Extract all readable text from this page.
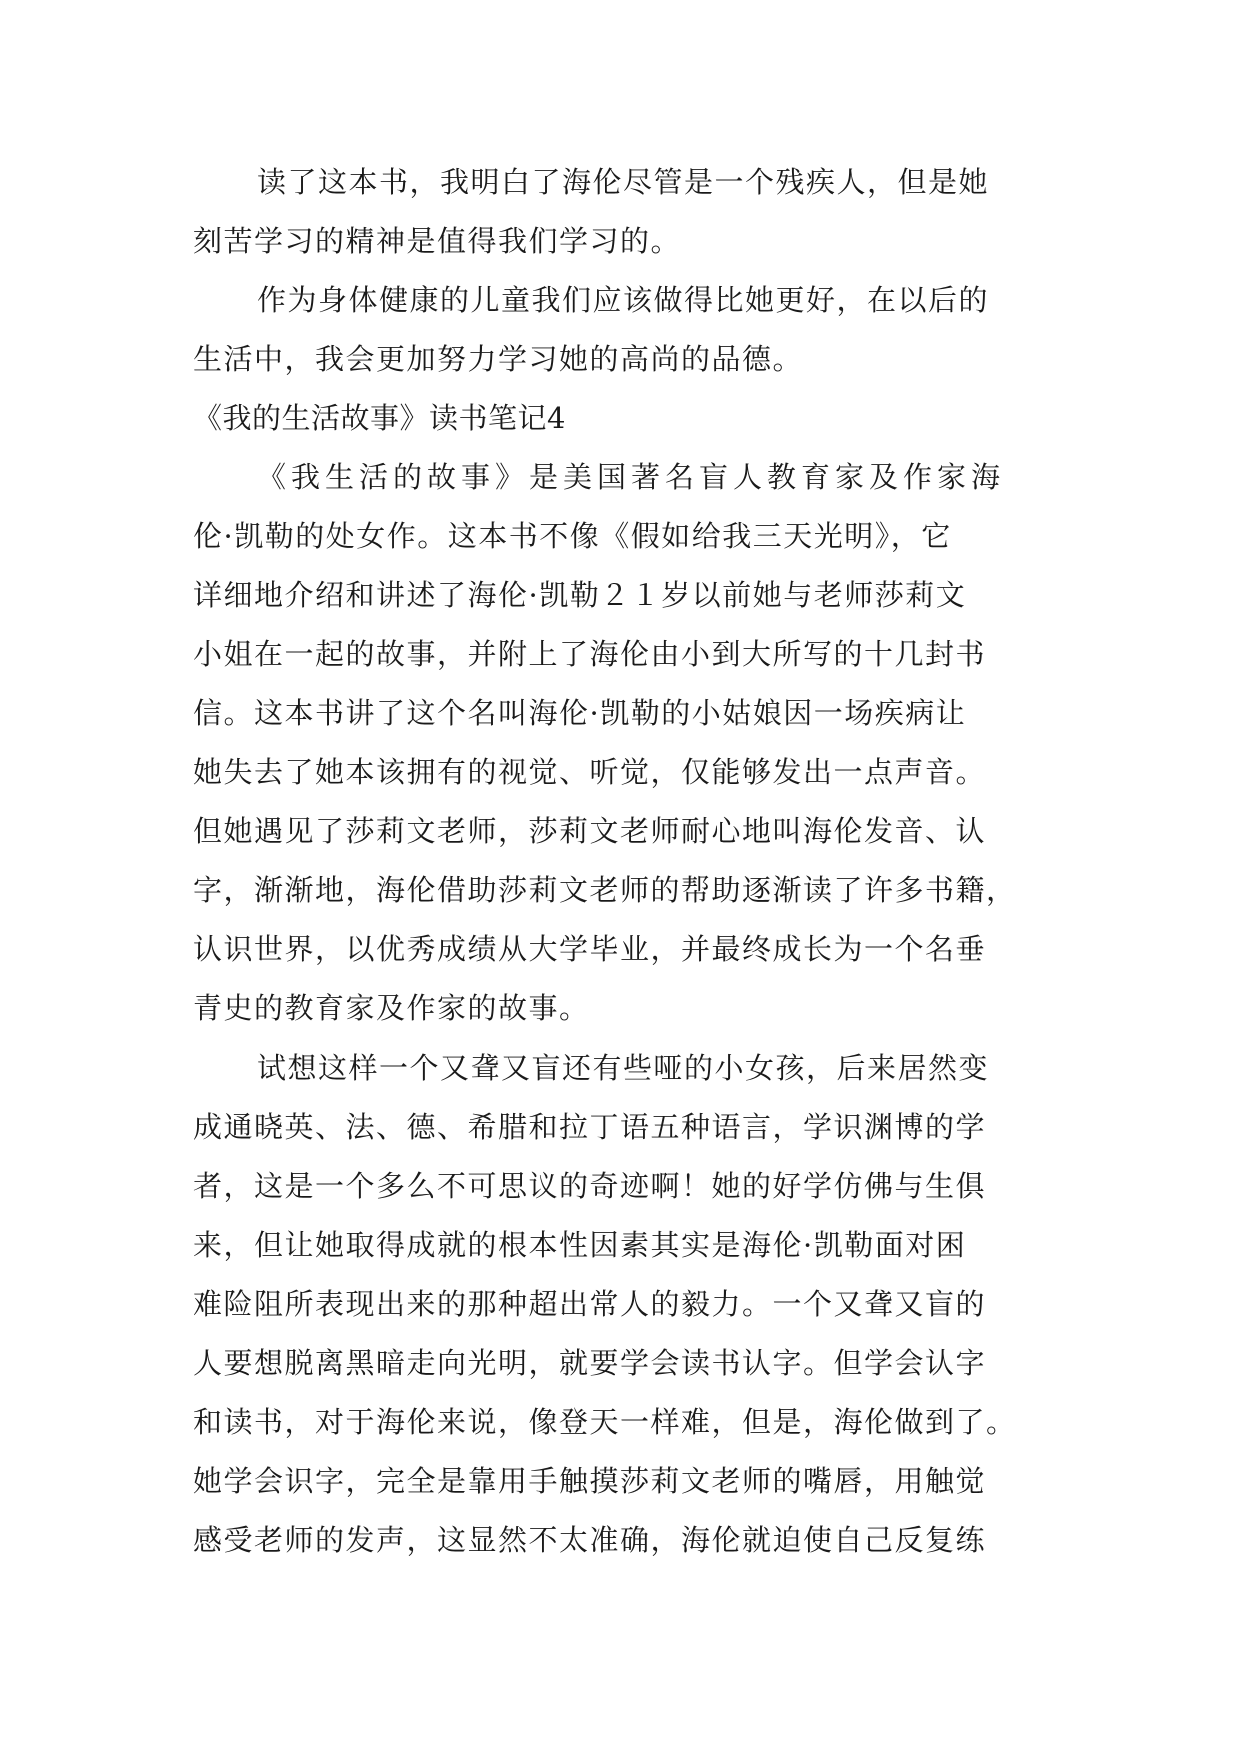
读了这本书，我明白了海伦尽管是一个残疾人，但是她
刻苦学习的精神是值得我们学习的。
作为身体健康的儿童我们应该做得比她更好，在以后的
生活中，我会更加努力学习她的高尚的品德。
《我的生活故事》读书笔记4
《我生活的故事》是美国著名盲人教育家及作家海
伦·凯勒的处女作。这本书不像《假如给我三天光明》，它
详细地介绍和讲述了海伦·凯勒２１岁以前她与老师莎莉文
小姐在一起的故事，并附上了海伦由小到大所写的十几封书
信。这本书讲了这个名叫海伦·凯勒的小姑娘因一场疾病让
她失去了她本该拥有的视觉、听觉，仅能够发出一点声音。
但她遇见了莎莉文老师，莎莉文老师耐心地叫海伦发音、认
字，渐渐地，海伦借助莎莉文老师的帮助逐渐读了许多书籍，
认识世界，以优秀成绩从大学毕业，并最终成长为一个名垂
青史的教育家及作家的故事。
试想这样一个又聋又盲还有些哑的小女孩，后来居然变
成通晓英、法、德、希腊和拉丁语五种语言，学识渊博的学
者，这是一个多么不可思议的奇迹啊！她的好学仿佛与生俱
来，但让她取得成就的根本性因素其实是海伦·凯勒面对困
难险阻所表现出来的那种超出常人的毅力。一个又聋又盲的
人要想脱离黑暗走向光明，就要学会读书认字。但学会认字
和读书，对于海伦来说，像登天一样难，但是，海伦做到了。
她学会识字，完全是靠用手触摸莎莉文老师的嘴唇，用触觉
感受老师的发声，这显然不太准确，海伦就迫使自己反复练
